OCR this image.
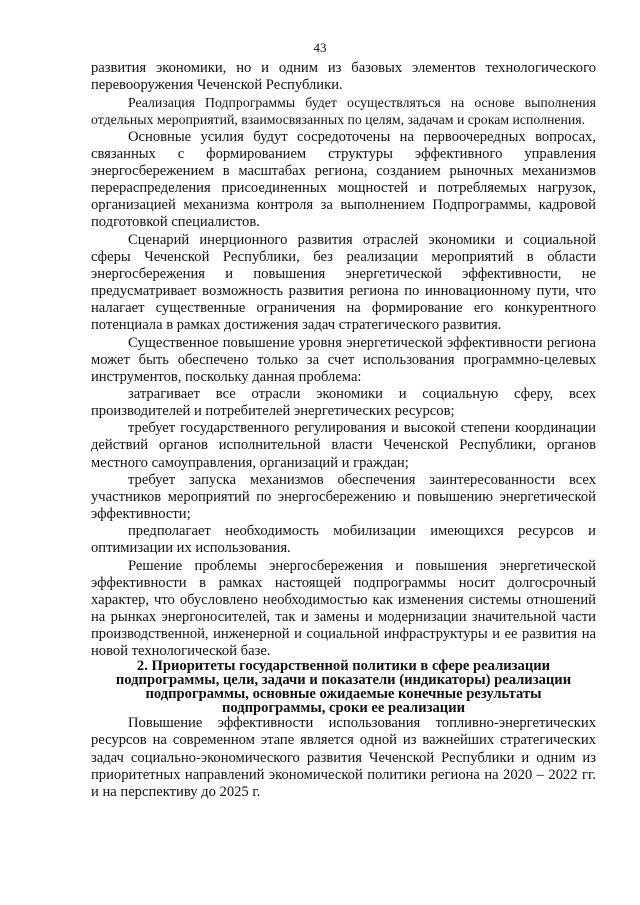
43

развития экономики, но и одним из базовых элементов технологического перевооружения Чеченской Республики.

Реализация Подпрограммы будет осуществляться на основе выполнения отдельных мероприятий, взаимосвязанных по целям, задачам и срокам исполнения.

Основные усилия будут сосредоточены на первоочередных вопросах, связанных с формированием структуры эффективного управления энергосбережением в масштабах региона, созданием рыночных механизмов перераспределения присоединенных мощностей и потребляемых нагрузок, организацией механизма контроля за выполнением Подпрограммы, кадровой подготовкой специалистов.

Сценарий инерционного развития отраслей экономики и социальной сферы Чеченской Республики, без реализации мероприятий в области энергосбережения и повышения энергетической эффективности, не предусматривает возможность развития региона по инновационному пути, что налагает существенные ограничения на формирование его конкурентного потенциала в рамках достижения задач стратегического развития.

Существенное повышение уровня энергетической эффективности региона может быть обеспечено только за счет использования программно-целевых инструментов, поскольку данная проблема:

затрагивает все отрасли экономики и социальную сферу, всех производителей и потребителей энергетических ресурсов;

требует государственного регулирования и высокой степени координации действий органов исполнительной власти Чеченской Республики, органов местного самоуправления, организаций и граждан;

требует запуска механизмов обеспечения заинтересованности всех участников мероприятий по энергосбережению и повышению энергетической эффективности;

предполагает необходимость мобилизации имеющихся ресурсов и оптимизации их использования.

Решение проблемы энергосбережения и повышения энергетической эффективности в рамках настоящей подпрограммы носит долгосрочный характер, что обусловлено необходимостью как изменения системы отношений на рынках энергоносителей, так и замены и модернизации значительной части производственной, инженерной и социальной инфраструктуры и ее развития на новой технологической базе.

2. Приоритеты государственной политики в сфере реализации подпрограммы, цели, задачи и показатели (индикаторы) реализации подпрограммы, основные ожидаемые конечные результаты подпрограммы, сроки ее реализации

Повышение эффективности использования топливно-энергетических ресурсов на современном этапе является одной из важнейших стратегических задач социально-экономического развития Чеченской Республики и одним из приоритетных направлений экономической политики региона на 2020 – 2022 гг. и на перспективу до 2025 г.
